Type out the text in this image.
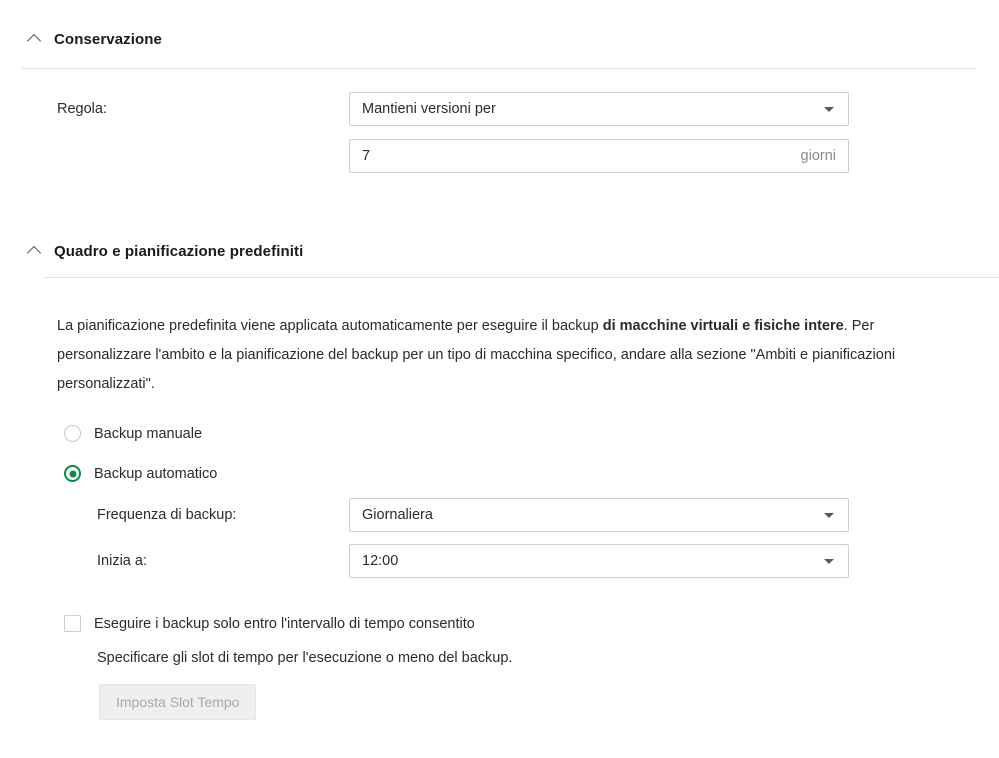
Conservazione
Regola:	Mantieni versioni per
7	giorni
Quadro e pianificazione predefiniti
La pianificazione predefinita viene applicata automaticamente per eseguire il backup di macchine virtuali e fisiche intere. Per personalizzare l'ambito e la pianificazione del backup per un tipo di macchina specifico, andare alla sezione "Ambiti e pianificazioni personalizzati".
Backup manuale
Backup automatico
Frequenza di backup:	Giornaliera
Inizia a:	12:00
Eseguire i backup solo entro l'intervallo di tempo consentito
Specificare gli slot di tempo per l'esecuzione o meno del backup.
Imposta Slot Tempo
